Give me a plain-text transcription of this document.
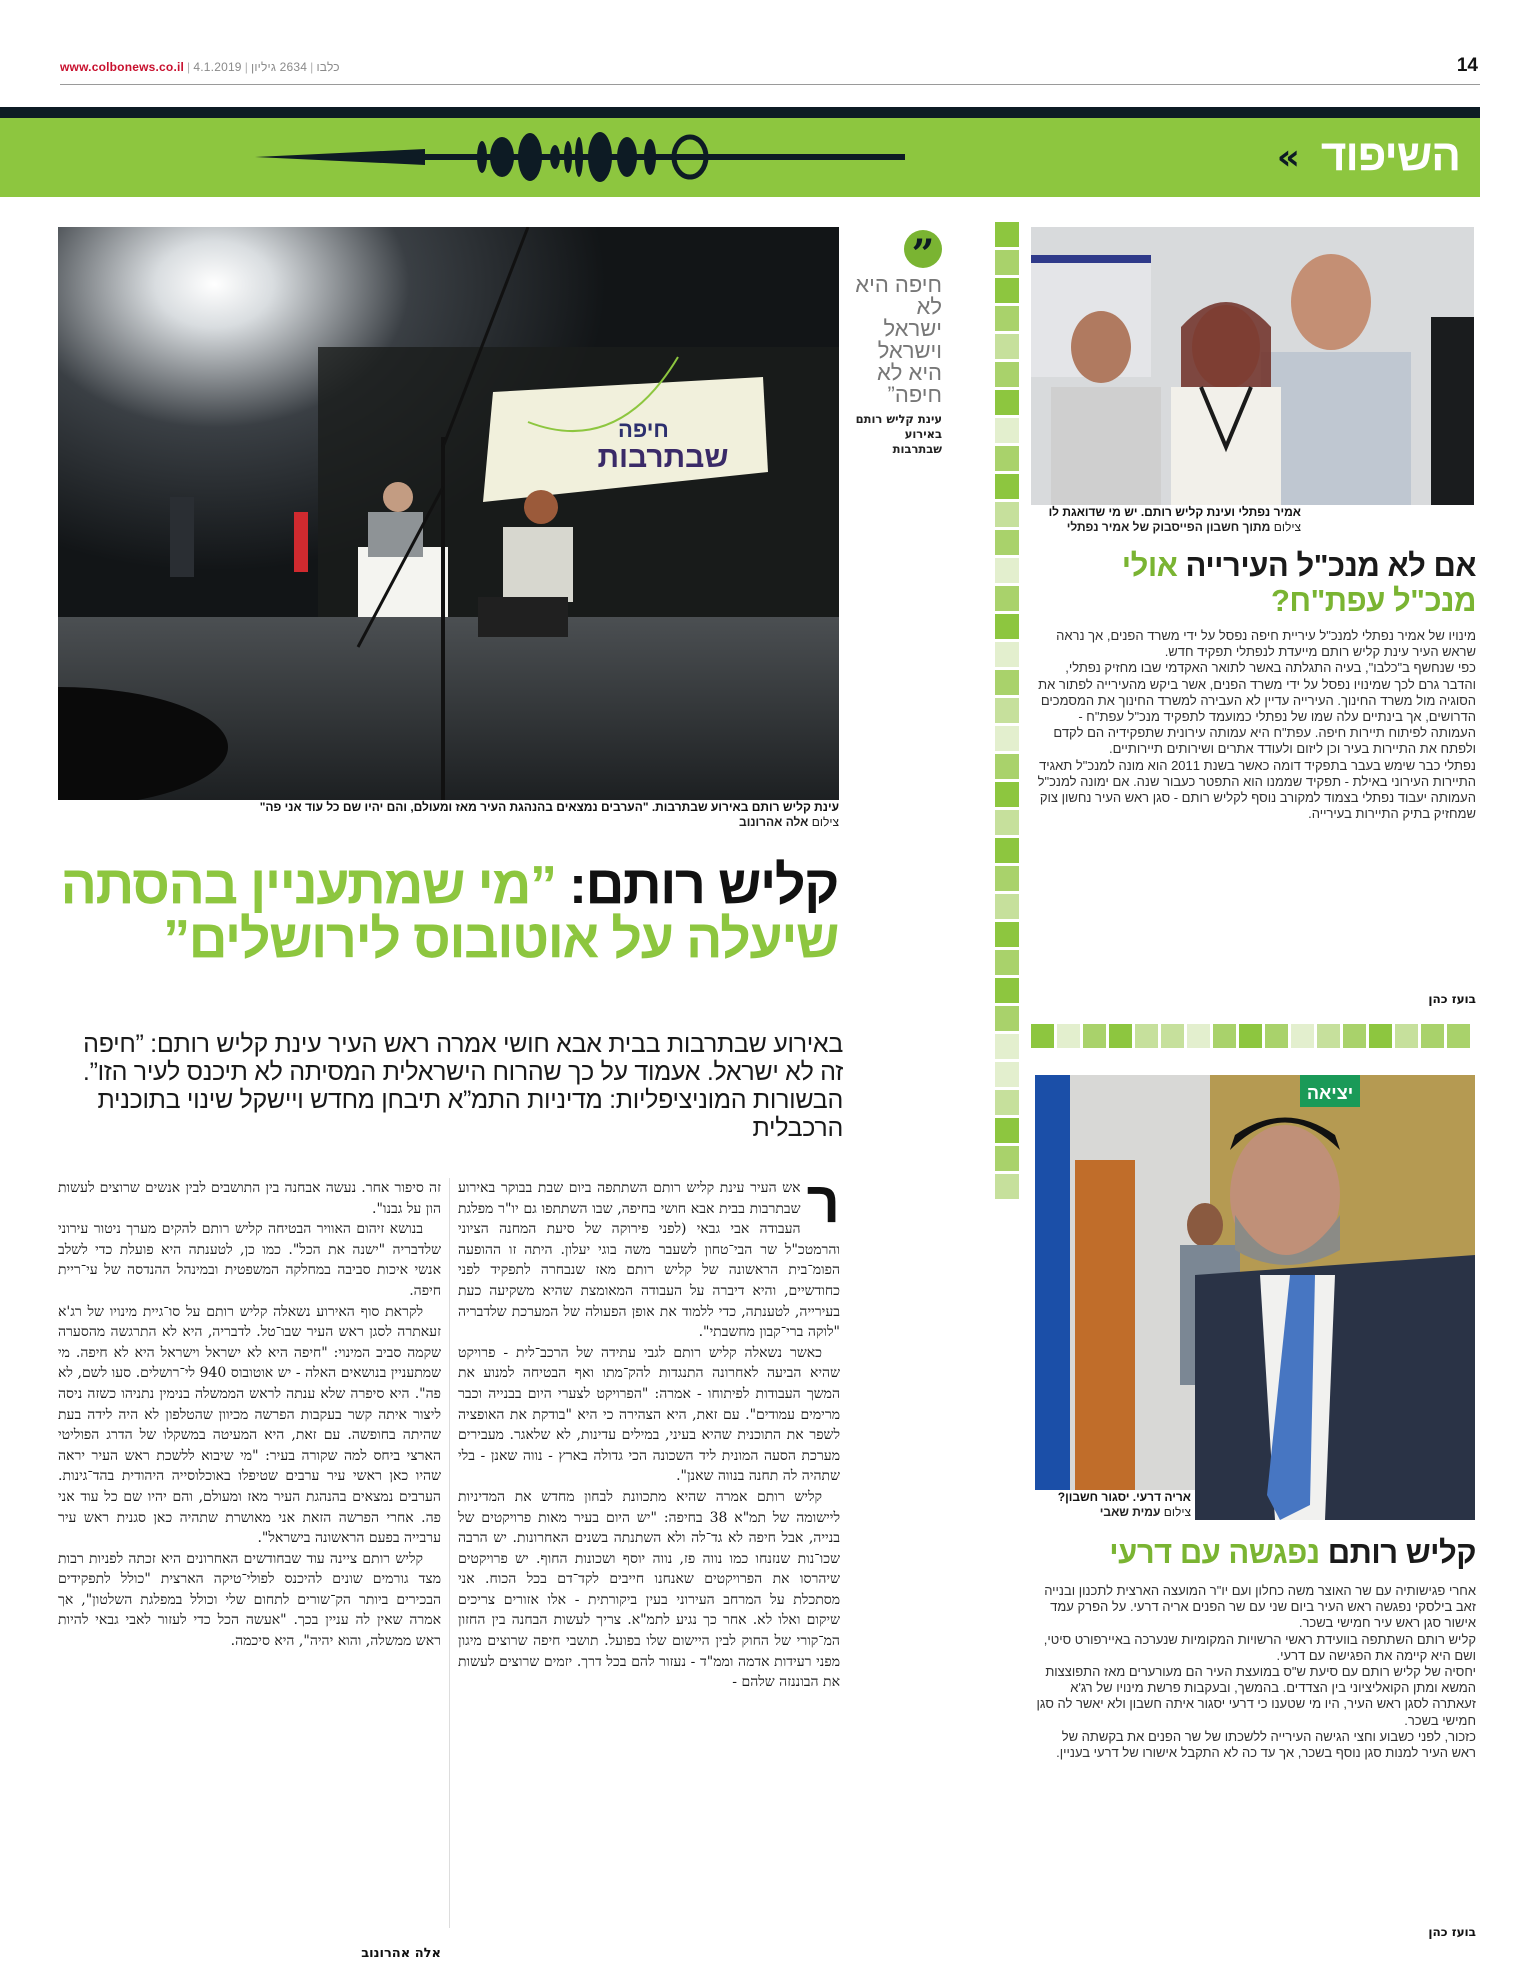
www.colbonews.co.il |	כלבו|2634 גיליון|4.1.2019	14
« השיפוד
חיפה
שבתרבות
עינת קליש רותם באירוע שבתרבות. "הערבים נמצאים בהנהגת העיר מאז ומעולם, והם יהיו שם כל עוד אני פה"
צילום אלה אהרונוב
”
חיפה היא לא ישראל וישראל היא לא חיפה”
עינת קליש רותם באירוע שבתרבות
אמיר נפתלי ועינת קליש רותם. יש מי שדואגת לו
צילום מתוך חשבון הפייסבוק של אמיר נפתלי
אם לא מנכ"ל העירייה אולי
מנכ"ל עפת"ח?

מינויו של אמיר נפתלי למנכ"ל עיריית חיפה נפסל על ידי משרד הפנים, אך נראה שראש העיר עינת קליש רותם מייעדת לנפתלי תפקיד חדש.

כפי שנחשף ב"כלבו", בעיה התגלתה באשר לתואר האקדמי שבו מחזיק נפתלי, והדבר גרם לכך שמינויו נפסל על ידי משרד הפנים, אשר ביקש מהעירייה לפתור את הסוגיה מול משרד החינוך. העירייה עדיין לא העבירה למשרד החינוך את המסמכים הדרושים, אך בינתיים עלה שמו של נפתלי כמועמד לתפקיד מנכ"ל עפת"ח - העמותה לפיתוח תיירות חיפה. עפת"ח היא עמותה עירונית שתפקידיה הם לקדם ולפתח את התיירות בעיר וכן ליזום ולעודד אתרים ושירותים תיירותיים.

נפתלי כבר שימש בעבר בתפקיד דומה כאשר בשנת 2011 הוא מונה למנכ"ל תאגיד התיירות העירוני באילת - תפקיד שממנו הוא התפטר כעבור שנה. אם ימונה למנכ"ל העמותה יעבוד נפתלי בצמוד למקורב נוסף לקליש רותם - סגן ראש העיר נחשון צוק שמחזיק בתיק התיירות בעירייה.

בועז כהן
יציאה
אריה דרעי. יסגור חשבון?
צילום עמית שאבי
קליש רותם נפגשה עם דרעי

אחרי פגישותיה עם שר האוצר משה כחלון ועם יו"ר המועצה הארצית לתכנון ובנייה זאב בילסקי נפגשה ראש העיר ביום שני עם שר הפנים אריה דרעי. על הפרק עמד אישור סגן ראש עיר חמישי בשכר.

קליש רותם השתתפה בוועידת ראשי הרשויות המקומיות שנערכה באיירפורט סיטי, ושם היא קיימה את הפגישה עם דרעי.

יחסיה של קליש רותם עם סיעת ש"ס במועצת העיר הם מעורערים מאז התפוצצות המשא ומתן הקואליציוני בין הצדדים. בהמשך, ובעקבות פרשת מינויו של רג'א זעאתרה לסגן ראש העיר, היו מי שטענו כי דרעי יסגור איתה חשבון ולא יאשר לה סגן חמישי בשכר.

כזכור, לפני כשבוע וחצי הגישה העירייה ללשכתו של שר הפנים את בקשתה של ראש העיר למנות סגן נוסף בשכר, אך עד כה לא התקבל אישורו של דרעי בעניין.

בועז כהן
קליש רותם: ”מי שמתעניין בהסתה שיעלה על אוטובוס לירושלים”
באירוע שבתרבות בבית אבא חושי אמרה ראש העיר עינת קליש רותם: ”חיפה זה לא ישראל. אעמוד על כך שהרוח הישראלית המסיתה לא תיכנס לעיר הזו”. הבשורות המוניציפליות: מדיניות התמ”א תיבחן מחדש ויישקל שינוי בתוכנית הרכבלית
ר

אש העיר עינת קליש רותם השתתפה ביום שבת בבוקר באירוע שבתרבות בבית אבא חושי בחיפה, שבו השתתפו גם יו"ר מפלגת העבודה אבי גבאי (לפני פירוקה של סיעת המחנה הציוני והרמטכ"ל שר הבי־טחון לשעבר משה בוגי יעלון. היתה זו ההופעה הפומ־בית הראשונה של קליש רותם מאז שנבחרה לתפקיד לפני כחודשיים, והיא דיברה על העבודה המאומצת שהיא משקיעה כעת בעירייה, לטענתה, כדי ללמוד את אופן הפעולה של המערכת שלדבריה "לוקה ברי־קבון מחשבתי".

כאשר נשאלה קליש רותם לגבי עתידה של הרכב־לית - פרויקט שהיא הביעה לאחרונה התנגדות להק־מתו ואף הבטיחה למנוע את המשך העבודות לפיתוחו - אמרה: "הפרויקט לצערי היום בבנייה וכבר מרימים עמודים". עם זאת, היא הצהירה כי היא "בודקת את האופציה לשפר את התוכנית שהיא בעיני, במילים עדינות, לא שלאגר. מעבירים מערכת הסעה המונית ליד השכונה הכי גדולה בארץ - נווה שאנן - בלי שתהיה לה תחנה בנווה שאנן".

קליש רותם אמרה שהיא מתכוונת לבחון מחדש את המדיניות ליישומה של תמ"א 38 בחיפה: "יש היום בעיר מאות פרויקטים של בנייה, אבל חיפה לא גד־לה ולא השתנתה בשנים האחרונות. יש הרבה שכו־נות שנזנחו כמו נווה פז, נווה יוסף ושכונות החוף. יש פרויקטים שיהרסו את הפרויקטים שאנחנו חייבים לקד־דם בכל הכוח. אני מסתכלת על המרחב העירוני בעין ביקורתית - אלו אזורים צריכים שיקום ואלו לא. אחר כך נגיע לתמ"א. צריך לעשות הבחנה בין החזון המ־קורי של החוק לבין היישום שלו בפועל. תושבי חיפה שרוצים מיגון מפני רעידות אדמה וממ"ד - נעזור להם בכל דרך. יזמים שרוצים לעשות את הבוננזה שלהם -

זה סיפור אחר. נעשה אבחנה בין התושבים לבין אנשים שרוצים לעשות הון על גבנו".

בנושא זיהום האוויר הבטיחה קליש רותם להקים מערך ניטור עירוני שלדבריה "ישנה את הכל". כמו כן, לטענתה היא פועלת כדי לשלב אנשי איכות סביבה במחלקה המשפטית ובמינהל ההנדסה של עי־ריית חיפה.

לקראת סוף האירוע נשאלה קליש רותם על סו־גיית מינויו של רג'א זעאתרה לסגן ראש העיר שבו־טל. לדבריה, היא לא התרגשה מהסערה שקמה סביב המינוי: "חיפה היא לא ישראל וישראל היא לא חיפה. מי שמתעניין בנושאים האלה - יש אוטובוס 940 לי־רושלים. סעו לשם, לא פה". היא סיפרה שלא ענתה לראש הממשלה בנימין נתניהו כשזה ניסה ליצור איתה קשר בעקבות הפרשה מכיוון שהטלפון לא היה לידה בעת שהיתה בחופשה. עם זאת, היא המעיטה במשקלו של הדרג הפוליטי הארצי ביחס למה שקורה בעיר: "מי שיבוא ללשכת ראש העיר יראה שהיו כאן ראשי עיר ערבים שטיפלו באוכלוסייה היהודית בהד־גינות. הערבים נמצאים בהנהגת העיר מאז ומעולם, והם יהיו שם כל עוד אני פה. אחרי הפרשה הזאת אני מאושרת שתהיה כאן סגנית ראש עיר ערבייה בפעם הראשונה בישראל".

קליש רותם ציינה עוד שבחודשים האחרונים היא זכתה לפניות רבות מצד גורמים שונים להיכנס לפולי־טיקה הארצית "כולל לתפקידים הבכירים ביותר הק־שורים לתחום שלי וכולל במפלגת השלטון", אך אמרה שאין לה עניין בכך. "אעשה הכל כדי לעזור לאבי גבאי להיות ראש ממשלה, והוא יהיה", היא סיכמה.

אלה אהרונוב
